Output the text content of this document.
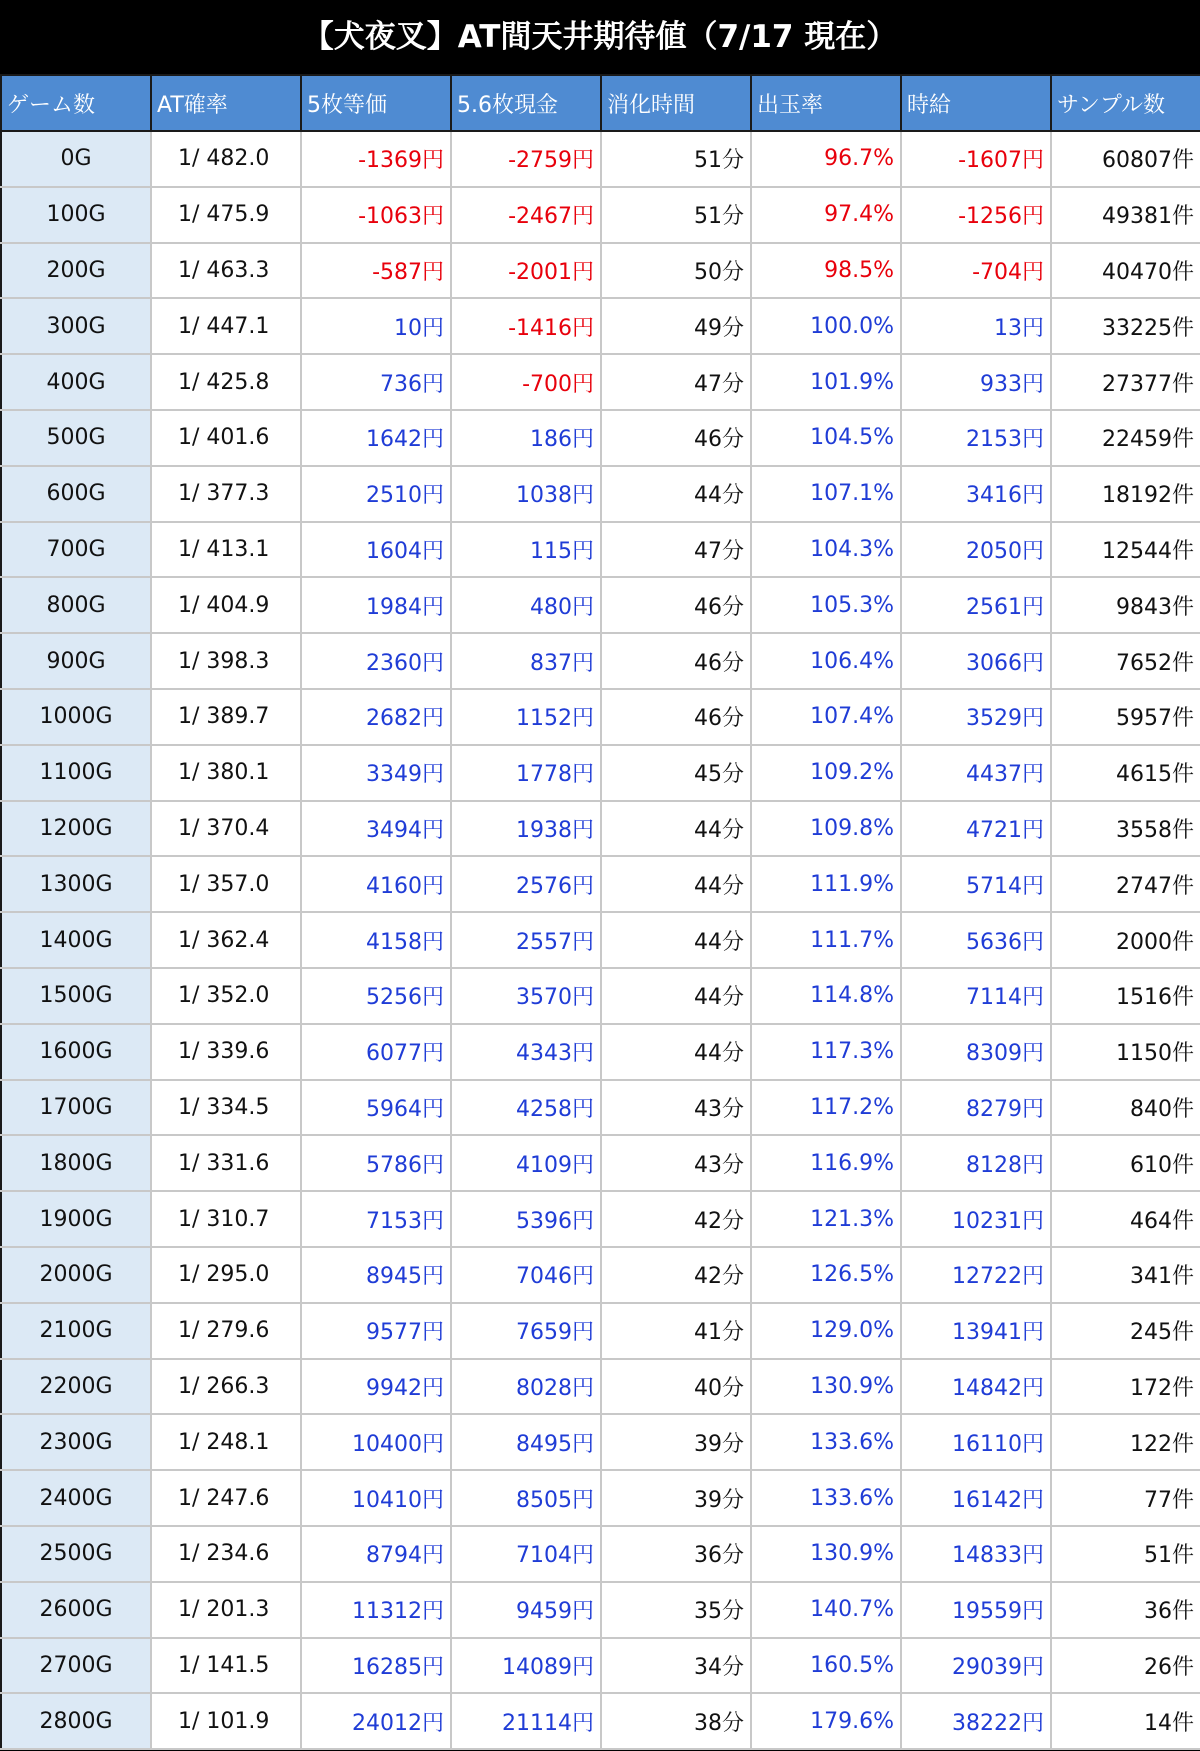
【犬夜叉】AT間天井期待値（7/17 現在）
ゲーム数	AT確率	5枚等価	5.6枚現金	消化時間	出玉率	時給	サンプル数
0G	1/ 482.0	-1369円	-2759円	51分	96.7%	-1607円	60807件
100G	1/ 475.9	-1063円	-2467円	51分	97.4%	-1256円	49381件
200G	1/ 463.3	-587円	-2001円	50分	98.5%	-704円	40470件
300G	1/ 447.1	10円	-1416円	49分	100.0%	13円	33225件
400G	1/ 425.8	736円	-700円	47分	101.9%	933円	27377件
500G	1/ 401.6	1642円	186円	46分	104.5%	2153円	22459件
600G	1/ 377.3	2510円	1038円	44分	107.1%	3416円	18192件
700G	1/ 413.1	1604円	115円	47分	104.3%	2050円	12544件
800G	1/ 404.9	1984円	480円	46分	105.3%	2561円	9843件
900G	1/ 398.3	2360円	837円	46分	106.4%	3066円	7652件
1000G	1/ 389.7	2682円	1152円	46分	107.4%	3529円	5957件
1100G	1/ 380.1	3349円	1778円	45分	109.2%	4437円	4615件
1200G	1/ 370.4	3494円	1938円	44分	109.8%	4721円	3558件
1300G	1/ 357.0	4160円	2576円	44分	111.9%	5714円	2747件
1400G	1/ 362.4	4158円	2557円	44分	111.7%	5636円	2000件
1500G	1/ 352.0	5256円	3570円	44分	114.8%	7114円	1516件
1600G	1/ 339.6	6077円	4343円	44分	117.3%	8309円	1150件
1700G	1/ 334.5	5964円	4258円	43分	117.2%	8279円	840件
1800G	1/ 331.6	5786円	4109円	43分	116.9%	8128円	610件
1900G	1/ 310.7	7153円	5396円	42分	121.3%	10231円	464件
2000G	1/ 295.0	8945円	7046円	42分	126.5%	12722円	341件
2100G	1/ 279.6	9577円	7659円	41分	129.0%	13941円	245件
2200G	1/ 266.3	9942円	8028円	40分	130.9%	14842円	172件
2300G	1/ 248.1	10400円	8495円	39分	133.6%	16110円	122件
2400G	1/ 247.6	10410円	8505円	39分	133.6%	16142円	77件
2500G	1/ 234.6	8794円	7104円	36分	130.9%	14833円	51件
2600G	1/ 201.3	11312円	9459円	35分	140.7%	19559円	36件
2700G	1/ 141.5	16285円	14089円	34分	160.5%	29039円	26件
2800G	1/ 101.9	24012円	21114円	38分	179.6%	38222円	14件
